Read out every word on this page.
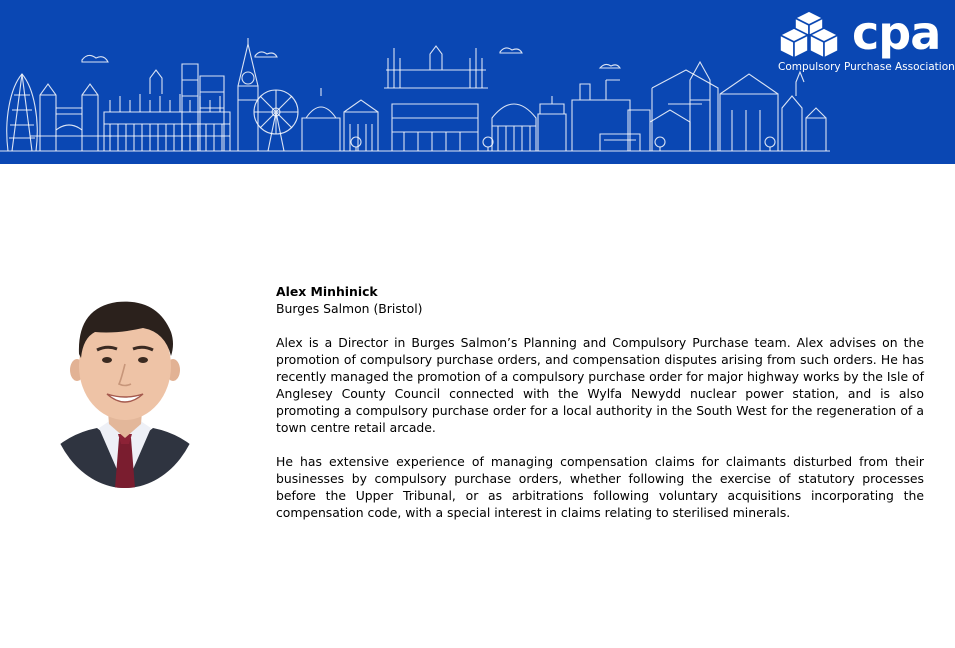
cpa
Compulsory Purchase Association

Alex Minhinick

Burges Salmon (Bristol)

Alex is a Director in Burges Salmon’s Planning and Compulsory Purchase team. Alex advises on the promotion of compulsory purchase orders, and compensation disputes arising from such orders. He has recently managed the promotion of a compulsory purchase order for major highway works by the Isle of Anglesey County Council connected with the Wylfa Newydd nuclear power station, and is also promoting a compulsory purchase order for a local authority in the South West for the regeneration of a town centre retail arcade.

He has extensive experience of managing compensation claims for claimants disturbed from their businesses by compulsory purchase orders, whether following the exercise of statutory processes before the Upper Tribunal, or as arbitrations following voluntary acquisitions incorporating the compensation code, with a special interest in claims relating to sterilised minerals.
